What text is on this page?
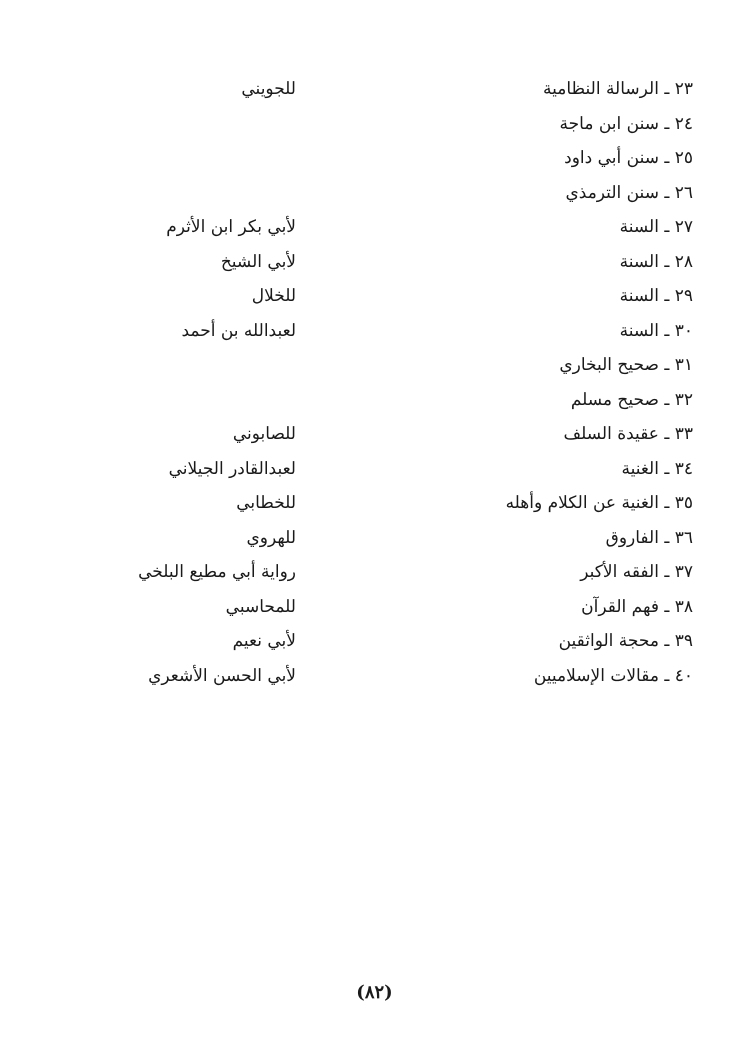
٢٣ ـ الرسالة النظامية
للجويني
٢٤ ـ سنن ابن ماجة
٢٥ ـ سنن أبي داود
٢٦ ـ سنن الترمذي
٢٧ ـ السنة
لأبي بكر ابن الأثرم
٢٨ ـ السنة
لأبي الشيخ
٢٩ ـ السنة
للخلال
٣٠ ـ السنة
لعبدالله بن أحمد
٣١ ـ صحيح البخاري
٣٢ ـ صحيح مسلم
٣٣ ـ عقيدة السلف
للصابوني
٣٤ ـ الغنية
لعبدالقادر الجيلاني
٣٥ ـ الغنية عن الكلام وأهله
للخطابي
٣٦ ـ الفاروق
للهروي
٣٧ ـ الفقه الأكبر
رواية أبي مطيع البلخي
٣٨ ـ فهم القرآن
للمحاسبي
٣٩ ـ محجة الواثقين
لأبي نعيم
٤٠ ـ مقالات الإسلاميين
لأبي الحسن الأشعري
(٨٢)
